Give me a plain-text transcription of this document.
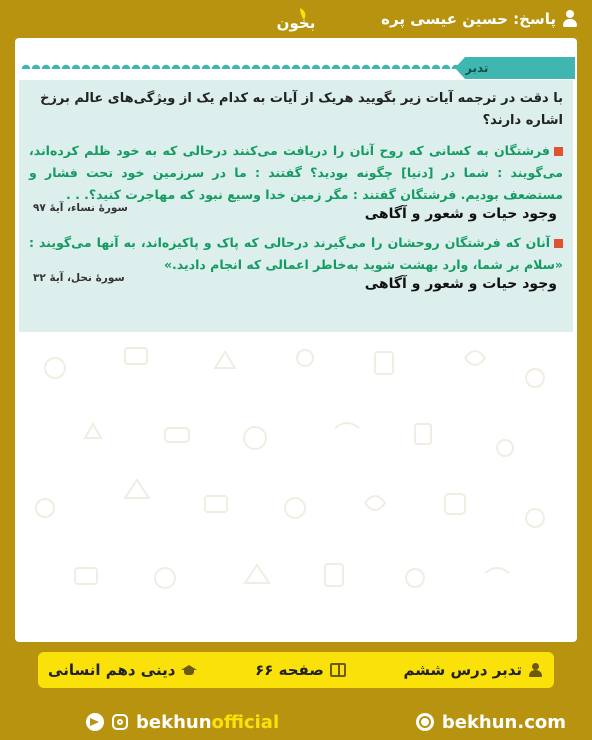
پاسخ: حسین عیسی پره
بخون
تدبر

با دقت در ترجمه آیات زیر بگویید هریک از آیات به کدام یک از ویژگی‌های عالم برزخ اشاره دارند؟

فرشتگان به کسانی که روح آنان را دریافت می‌کنند درحالی که به خود ظلم کرده‌اند، می‌گویند : شما در [دنیا] چگونه بودید؟ گفتند : ما در سرزمین خود تحت فشار و مستضعف بودیم. فرشتگان گفتند : مگر زمین خدا وسیع نبود که مهاجرت کنید؟. . .

وجود حیات و شعور و آگاهی
سورهٔ نساء، آیهٔ ۹۷

آنان که فرشتگان روحشان را می‌گیرند درحالی که پاک و پاکیزه‌اند، به آنها می‌گویند : «سلام بر شما، وارد بهشت شوید به‌خاطر اعمالی که انجام دادید.»

وجود حیات و شعور و آگاهی
سورهٔ نحل، آیهٔ ۳۲
تدبر درس ششم
صفحه ۶۶
دینی دهم انسانی
bekhunofficial	bekhun.com
